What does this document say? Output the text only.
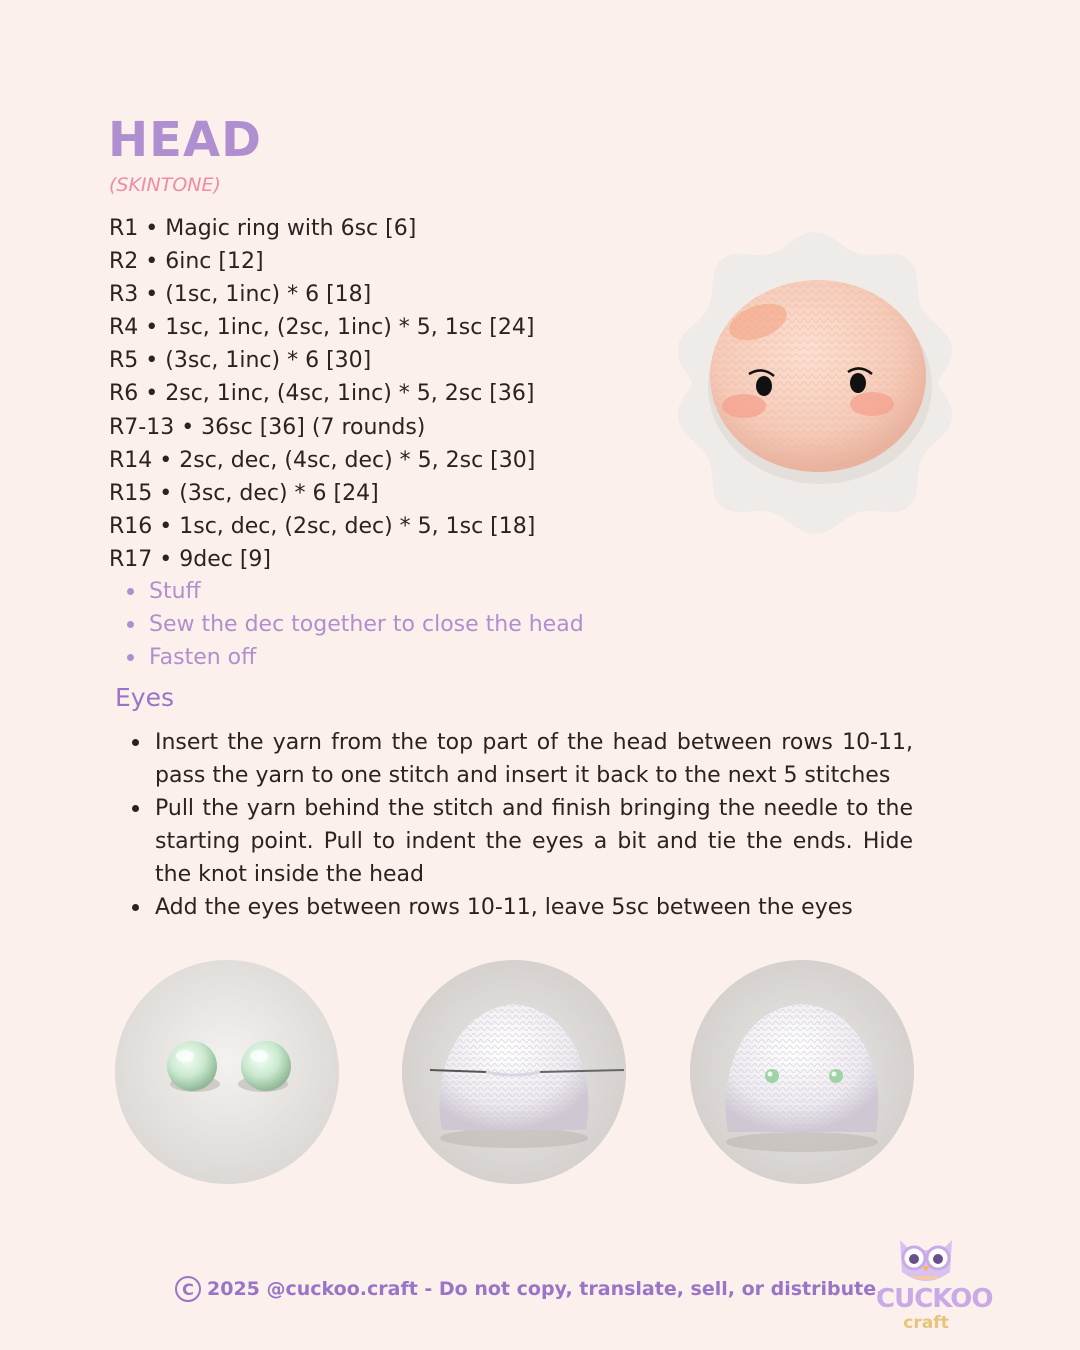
HEAD
(SKINTONE)
R1 • Magic ring with 6sc [6]
R2 • 6inc [12]
R3 • (1sc, 1inc) * 6 [18]
R4 • 1sc, 1inc, (2sc, 1inc) * 5, 1sc [24]
R5 • (3sc, 1inc) * 6 [30]
R6 • 2sc, 1inc, (4sc, 1inc) * 5, 2sc [36]
R7-13 • 36sc [36] (7 rounds)
R14 • 2sc, dec, (4sc, dec) * 5, 2sc [30]
R15 • (3sc, dec) * 6 [24]
R16 • 1sc, dec, (2sc, dec) * 5, 1sc [18]
R17 • 9dec [9]
Stuff
Sew the dec together to close the head
Fasten off
Eyes
Insert the yarn from the top part of the head between rows 10-11, pass the yarn to one stitch and insert it back to the next 5 stitches
Pull the yarn behind the stitch and finish bringing the needle to the starting point. Pull to indent the eyes a bit and tie the ends. Hide the knot inside the head
Add the eyes between rows 10-11, leave 5sc between the eyes
C 2025 @cuckoo.craft - Do not copy, translate, sell, or distribute.
CUCKOO
craft
